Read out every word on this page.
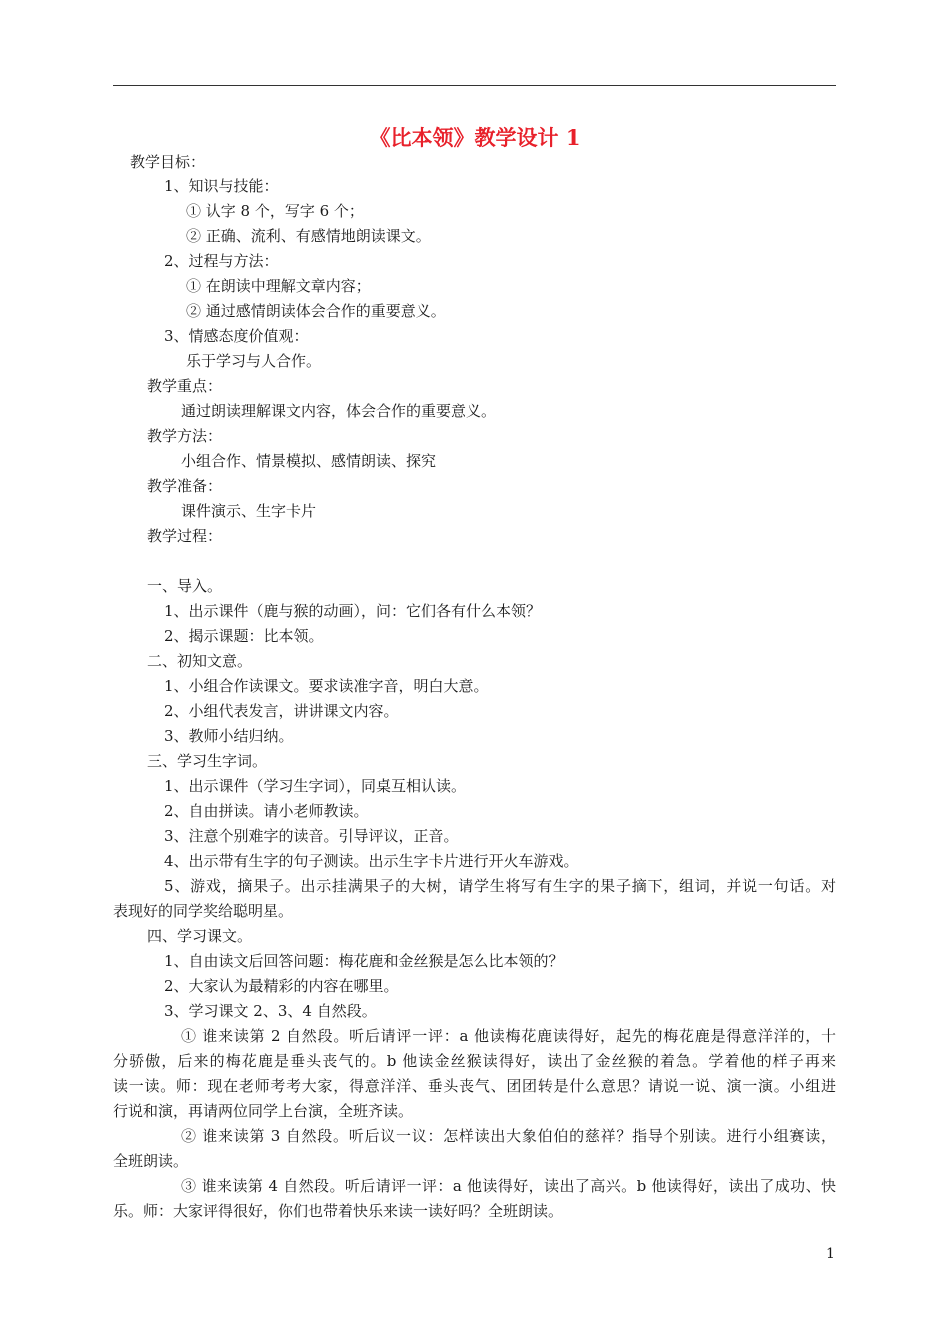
《比本领》教学设计 1
教学目标：
1、知识与技能：
① 认字 8 个，写字 6 个；
② 正确、流利、有感情地朗读课文。
2、过程与方法：
① 在朗读中理解文章内容；
② 通过感情朗读体会合作的重要意义。
3、情感态度价值观：
乐于学习与人合作。
教学重点：
通过朗读理解课文内容，体会合作的重要意义。
教学方法：
小组合作、情景模拟、感情朗读、探究
教学准备：
课件演示、生字卡片
教学过程：
一、导入。
1、出示课件（鹿与猴的动画），问：它们各有什么本领？
2、揭示课题：比本领。
二、初知文意。
1、小组合作读课文。要求读准字音，明白大意。
2、小组代表发言，讲讲课文内容。
3、教师小结归纳。
三、学习生字词。
1、出示课件（学习生字词），同桌互相认读。
2、自由拼读。请小老师教读。
3、注意个别难字的读音。引导评议，正音。
4、出示带有生字的句子测读。出示生字卡片进行开火车游戏。
5、游戏，摘果子。出示挂满果子的大树，请学生将写有生字的果子摘下，组词，并说一句话。对
表现好的同学奖给聪明星。
四、学习课文。
1、自由读文后回答问题：梅花鹿和金丝猴是怎么比本领的？
2、大家认为最精彩的内容在哪里。
3、学习课文 2、3、4 自然段。
① 谁来读第 2 自然段。听后请评一评：a 他读梅花鹿读得好，起先的梅花鹿是得意洋洋的，十
分骄傲，后来的梅花鹿是垂头丧气的。b 他读金丝猴读得好，读出了金丝猴的着急。学着他的样子再来
读一读。师：现在老师考考大家，得意洋洋、垂头丧气、团团转是什么意思？请说一说、演一演。小组进
行说和演，再请两位同学上台演，全班齐读。
② 谁来读第 3 自然段。听后议一议：怎样读出大象伯伯的慈祥？指导个别读。进行小组赛读，
全班朗读。
③ 谁来读第 4 自然段。听后请评一评：a 他读得好，读出了高兴。b 他读得好，读出了成功、快
乐。师：大家评得很好，你们也带着快乐来读一读好吗？全班朗读。
1
